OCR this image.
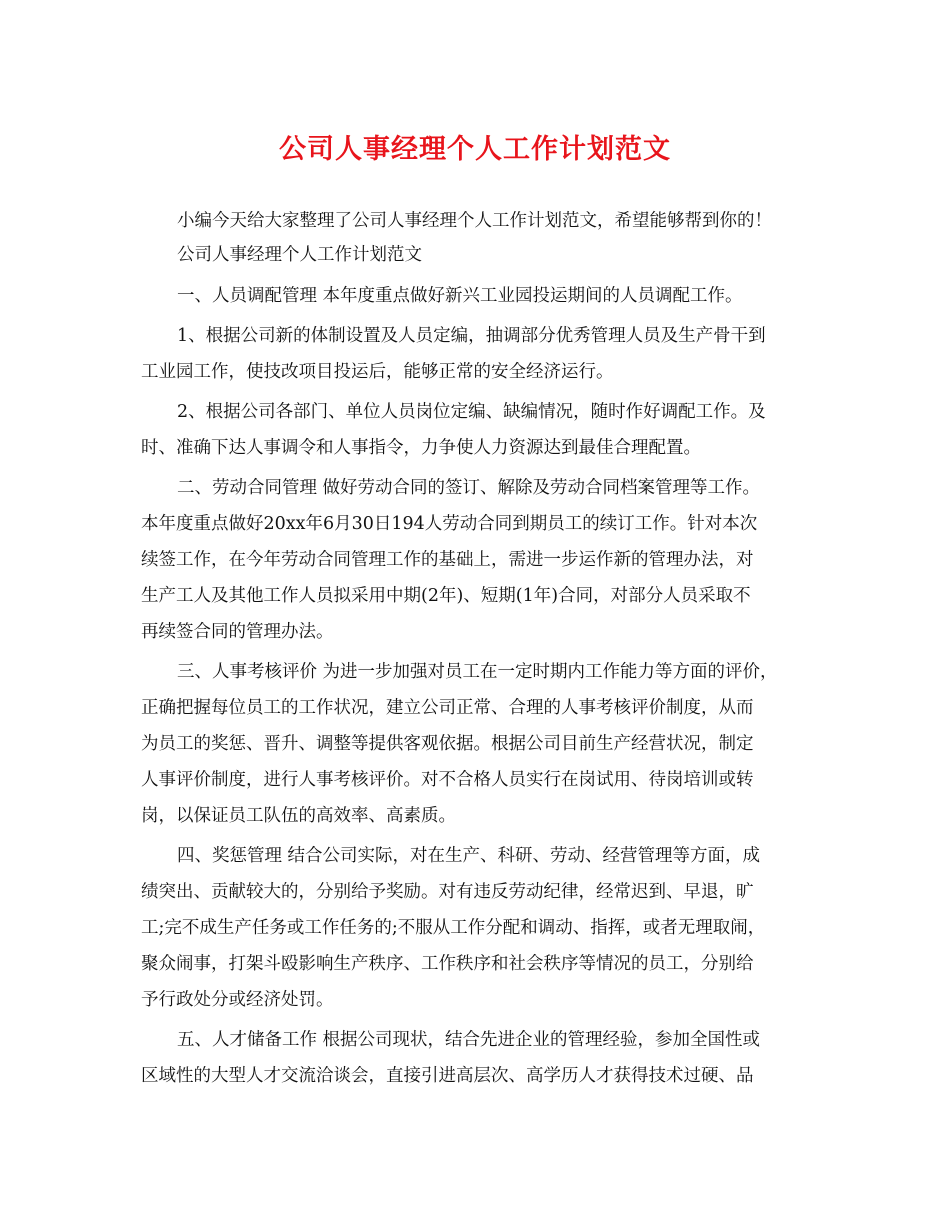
公司人事经理个人工作计划范文
小编今天给大家整理了公司人事经理个人工作计划范文，希望能够帮到你的！
公司人事经理个人工作计划范文
一、人员调配管理 本年度重点做好新兴工业园投运期间的人员调配工作。
1、根据公司新的体制设置及人员定编，抽调部分优秀管理人员及生产骨干到
工业园工作，使技改项目投运后，能够正常的安全经济运行。
2、根据公司各部门、单位人员岗位定编、缺编情况，随时作好调配工作。及
时、准确下达人事调令和人事指令，力争使人力资源达到最佳合理配置。
二、劳动合同管理 做好劳动合同的签订、解除及劳动合同档案管理等工作。
本年度重点做好20xx年6月30日194人劳动合同到期员工的续订工作。针对本次
续签工作，在今年劳动合同管理工作的基础上，需进一步运作新的管理办法，对
生产工人及其他工作人员拟采用中期(2年)、短期(1年)合同，对部分人员采取不
再续签合同的管理办法。
三、人事考核评价 为进一步加强对员工在一定时期内工作能力等方面的评价，
正确把握每位员工的工作状况，建立公司正常、合理的人事考核评价制度，从而
为员工的奖惩、晋升、调整等提供客观依据。根据公司目前生产经营状况，制定
人事评价制度，进行人事考核评价。对不合格人员实行在岗试用、待岗培训或转
岗，以保证员工队伍的高效率、高素质。
四、奖惩管理 结合公司实际，对在生产、科研、劳动、经营管理等方面，成
绩突出、贡献较大的，分别给予奖励。对有违反劳动纪律，经常迟到、早退，旷
工;完不成生产任务或工作任务的;不服从工作分配和调动、指挥，或者无理取闹，
聚众闹事，打架斗殴影响生产秩序、工作秩序和社会秩序等情况的员工，分别给
予行政处分或经济处罚。
五、人才储备工作 根据公司现状，结合先进企业的管理经验，参加全国性或
区域性的大型人才交流洽谈会，直接引进高层次、高学历人才获得技术过硬、品
